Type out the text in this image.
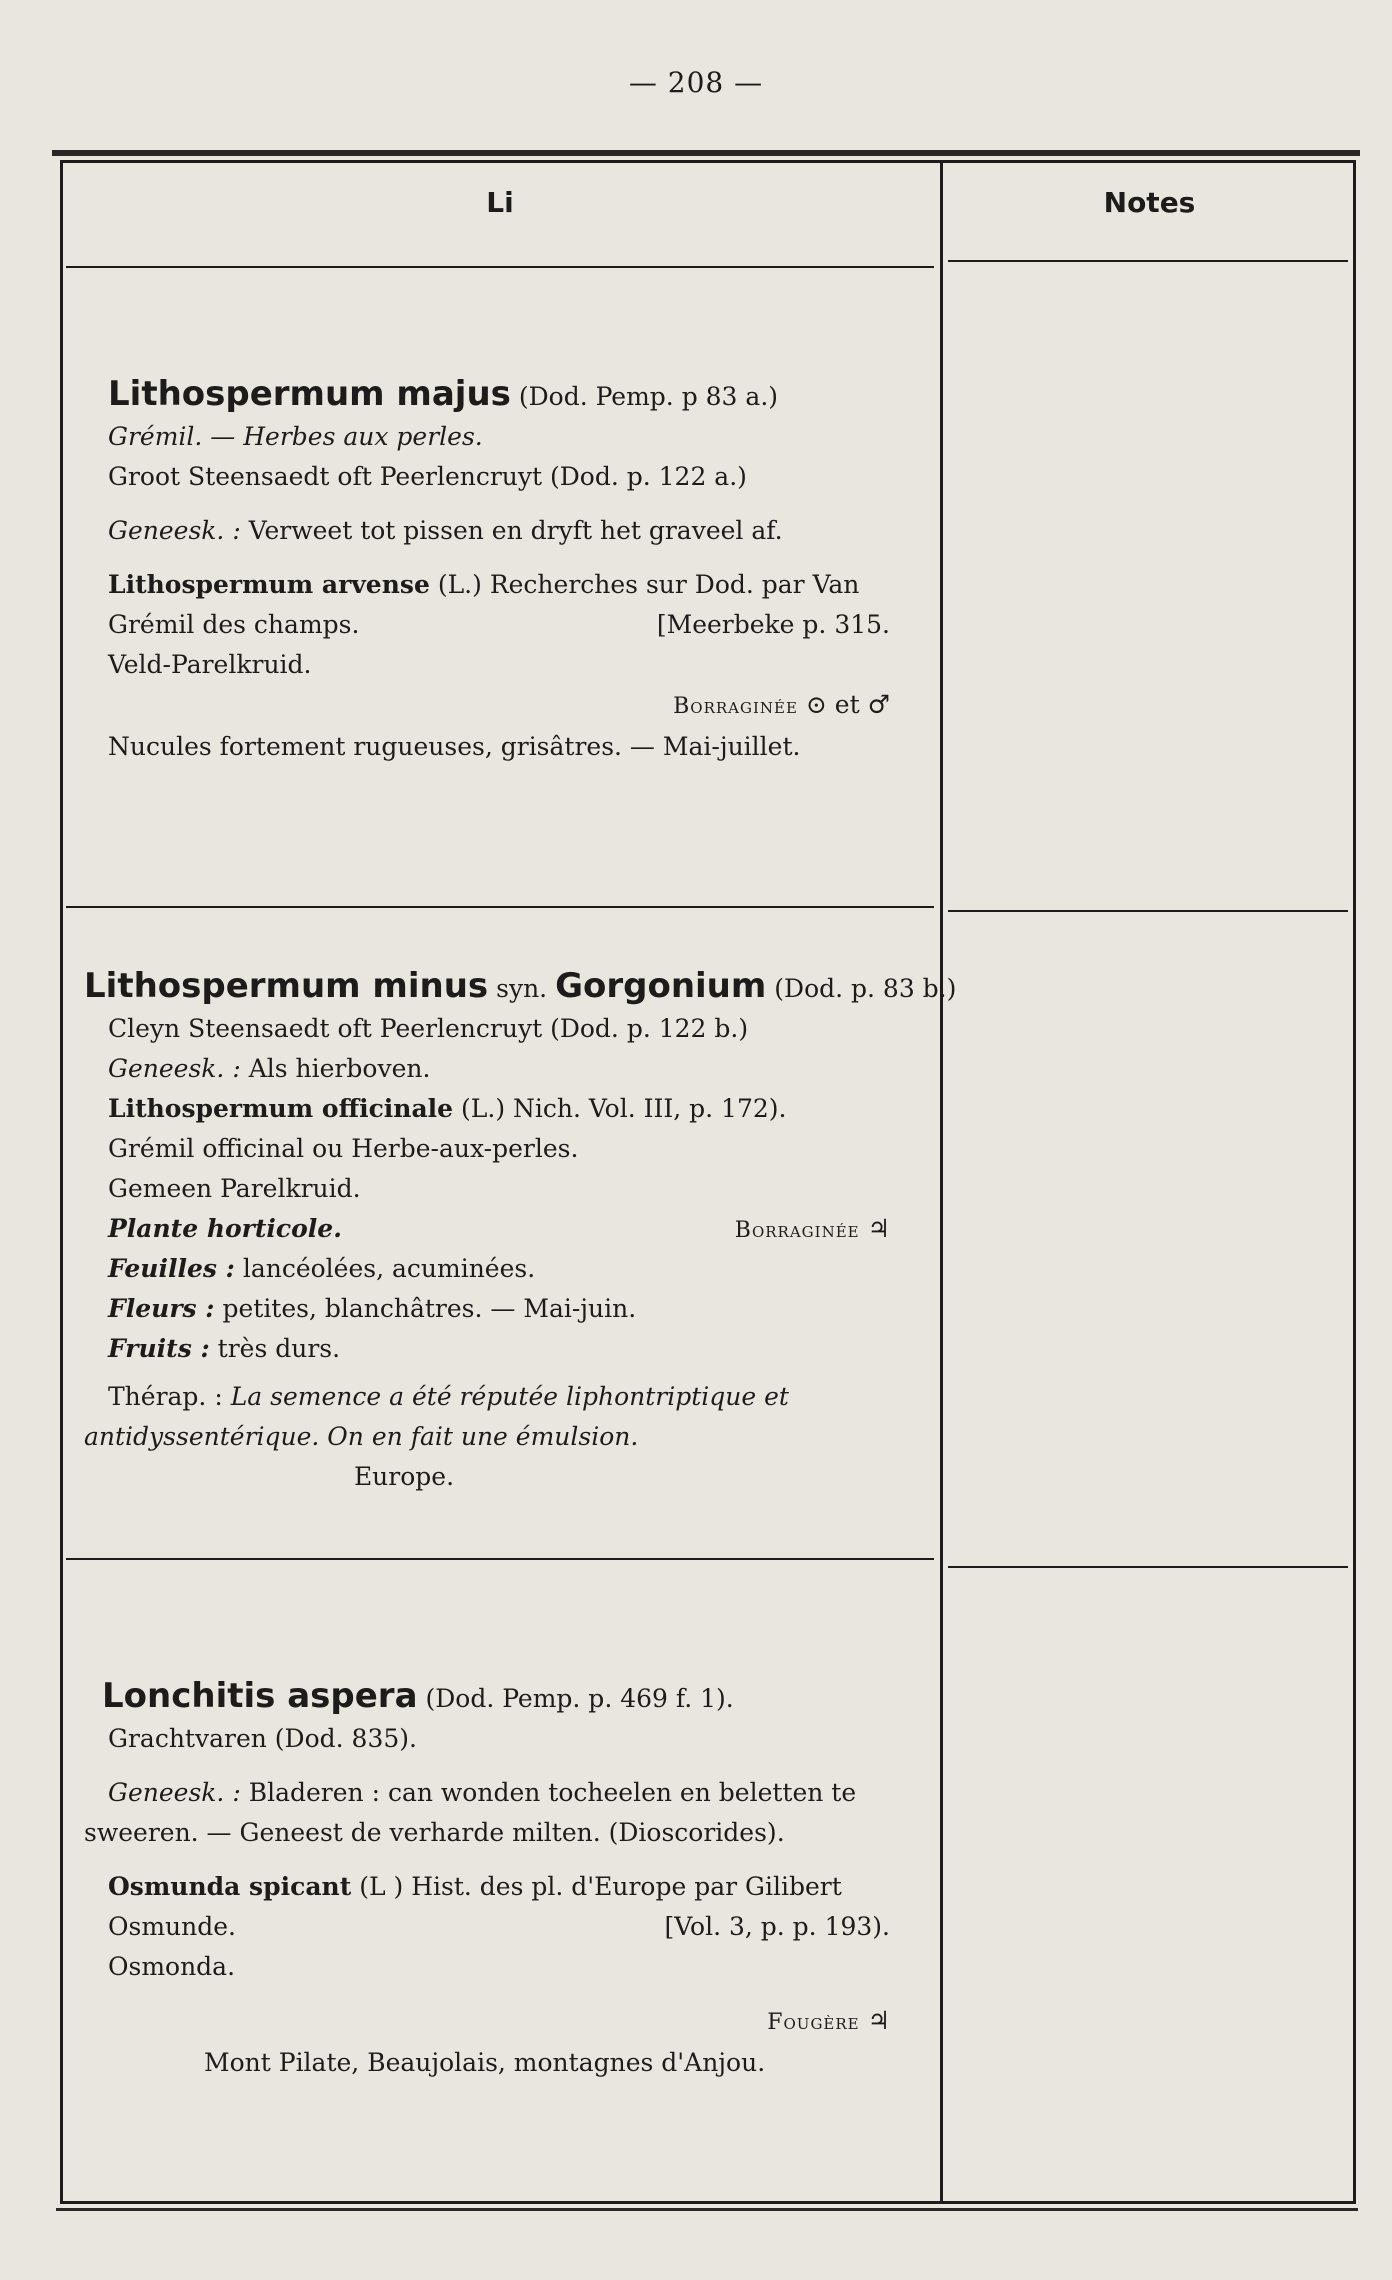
— 208 —
Li	Notes
Lithospermum majus (Dod. Pemp. p 83 a.)
Grémil. — Herbes aux perles.
Groot Steensaedt oft Peerlencruyt (Dod. p. 122 a.)
Geneesk. : Verweet tot pissen en dryft het graveel af.
Lithospermum arvense (L.) Recherches sur Dod. par Van
Grémil des champs.	[Meerbeke p. 315.
Veld-Parelkruid.
Borraginée ⊙ et ♂
Nucules fortement rugueuses, grisâtres. — Mai-juillet.
Lithospermum minus syn. Gorgonium (Dod. p. 83 b.)
Cleyn Steensaedt oft Peerlencruyt (Dod. p. 122 b.)
Geneesk. : Als hierboven.
Lithospermum officinale (L.) Nich. Vol. III, p. 172).
Grémil officinal ou Herbe-aux-perles.
Gemeen Parelkruid.
Plante horticole.	Borraginée ♃
Feuilles : lancéolées, acuminées.
Fleurs : petites, blanchâtres. — Mai-juin.
Fruits : très durs.
Thérap. : La semence a été réputée liphontriptique et
antidyssentérique. On en fait une émulsion.
Europe.
Lonchitis aspera (Dod. Pemp. p. 469 f. 1).
Grachtvaren (Dod. 835).
Geneesk. : Bladeren : can wonden tocheelen en beletten te
sweeren. — Geneest de verharde milten. (Dioscorides).
Osmunda spicant (L ) Hist. des pl. d'Europe par Gilibert
Osmunde.	[Vol. 3, p. p. 193).
Osmonda.
Fougère ♃
Mont Pilate, Beaujolais, montagnes d'Anjou.
